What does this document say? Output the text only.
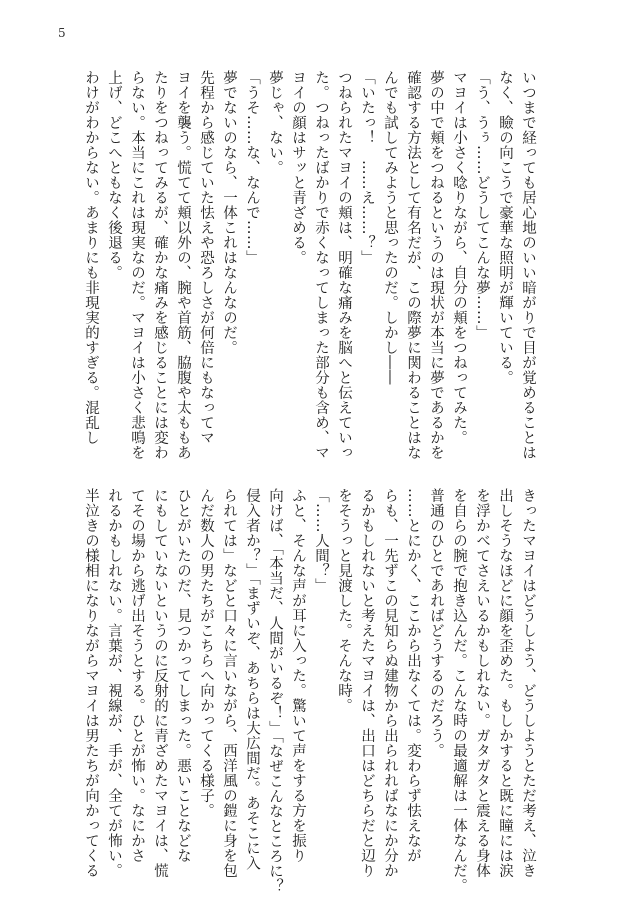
5
いつまで経っても居心地のいい暗がりで目が覚めることは
なく、瞼の向こうで豪華な照明が輝いている。
「う、うぅ……どうしてこんな夢……」
マヨイは小さく唸りながら、自分の頬をつねってみた。
夢の中で頬をつねるというのは現状が本当に夢であるかを
確認する方法として有名だが、この際夢に関わることはな
んでも試してみようと思ったのだ。しかし――
「いたっ！　……え……？」
つねられたマヨイの頬は、明確な痛みを脳へと伝えていっ
た。つねったばかりで赤くなってしまった部分も含め、マ
ヨイの顔はサッと青ざめる。
夢じゃ、ない。
「うそ……な、なんで……」
夢でないのなら、一体これはなんなのだ。
先程から感じていた怯えや恐ろしさが何倍にもなってマ
ヨイを襲う。慌てて頬以外の、腕や首筋、脇腹や太ももあ
たりをつねってみるが、確かな痛みを感じることには変わ
らない。本当にこれは現実なのだ。マヨイは小さく悲鳴を
上げ、どこへともなく後退る。
わけがわからない。あまりにも非現実的すぎる。混乱し
きったマヨイはどうしよう、どうしようとただ考え、泣き
出しそうなほどに顔を歪めた。もしかすると既に瞳には涙
を浮かべてさえいるかもしれない。ガタガタと震える身体
を自らの腕で抱き込んだ。こんな時の最適解は一体なんだ。
普通のひとであればどうするのだろう。
……とにかく、ここから出なくては。変わらず怯えなが
らも、一先ずこの見知らぬ建物から出られればなにか分か
るかもしれないと考えたマヨイは、出口はどちらだと辺り
をそうっと見渡した。そんな時。
「……人間？」
ふと、そんな声が耳に入った。驚いて声をする方を振り
向けば、「本当だ、人間がいるぞ！」「なぜこんなところに？
侵入者か？」「まずいぞ、あちらは大広間だ。あそこに入
られては」などと口々に言いながら、西洋風の鎧に身を包
んだ数人の男たちがこちらへ向かってくる様子。
ひとがいたのだ、見つかってしまった。悪いことなどな
にもしていないというのに反射的に青ざめたマヨイは、慌
てその場から逃げ出そうとする。ひとが怖い。なにかさ
れるかもしれない。言葉が、視線が、手が、全てが怖い。
半泣きの様相になりながらマヨイは男たちが向かってくる
